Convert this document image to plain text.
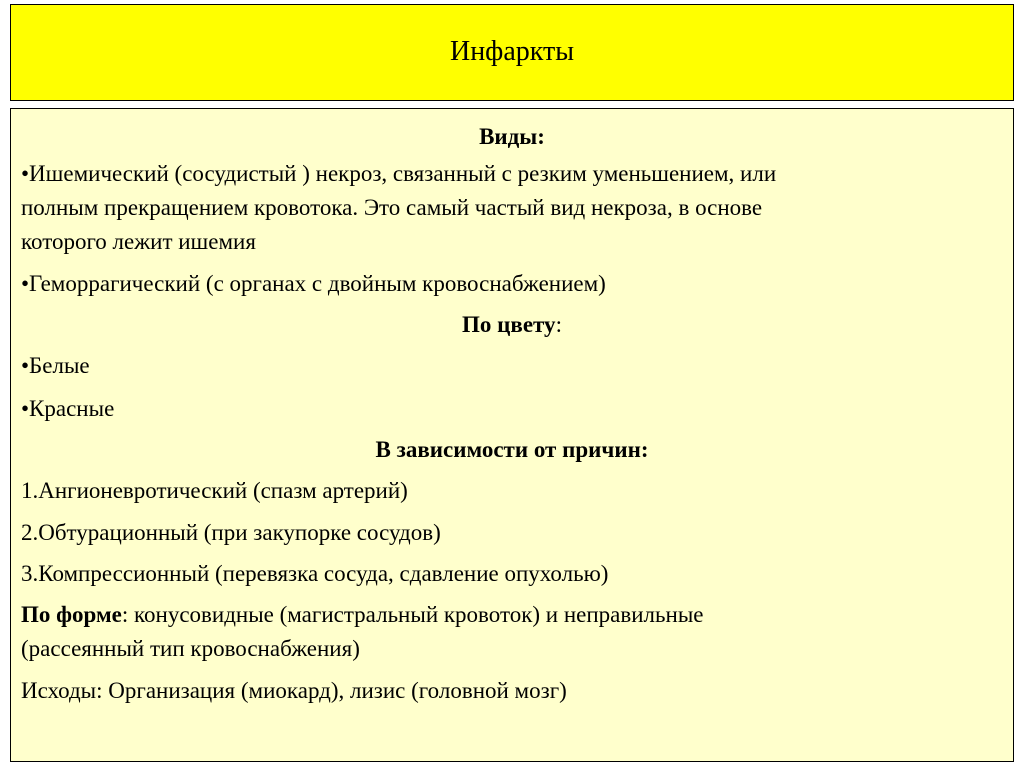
Инфаркты
Виды:
•Ишемический (сосудистый ) некроз, связанный с резким уменьшением, или
полным прекращением кровотока. Это самый частый вид некроза, в основе
которого лежит ишемия
•Геморрагический (с органах с двойным кровоснабжением)
По цвету:
•Белые
•Красные
В зависимости от причин:
1.Ангионевротический (спазм артерий)
2.Обтурационный (при закупорке сосудов)
3.Компрессионный (перевязка сосуда, сдавление опухолью)
По форме: конусовидные (магистральный кровоток) и неправильные
(рассеянный тип кровоснабжения)
Исходы: Организация (миокард), лизис (головной мозг)
